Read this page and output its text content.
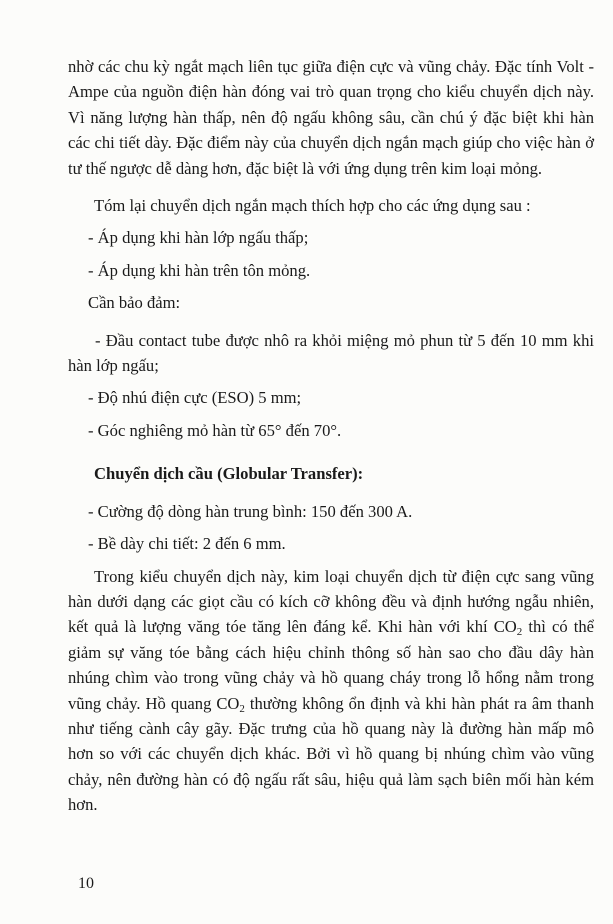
nhờ các chu kỳ ngắt mạch liên tục giữa điện cực và vũng chảy. Đặc tính Volt - Ampe của nguồn điện hàn đóng vai trò quan trọng cho kiểu chuyển dịch này. Vì năng lượng hàn thấp, nên độ ngấu không sâu, cần chú ý đặc biệt khi hàn các chi tiết dày. Đặc điểm này của chuyển dịch ngắn mạch giúp cho việc hàn ở tư thế ngược dễ dàng hơn, đặc biệt là với ứng dụng trên kim loại mỏng.

Tóm lại chuyển dịch ngắn mạch thích hợp cho các ứng dụng sau :

- Áp dụng khi hàn lớp ngấu thấp;

- Áp dụng khi hàn trên tôn mỏng.

Cần bảo đảm:

- Đầu contact tube được nhô ra khỏi miệng mỏ phun từ 5 đến 10 mm khi hàn lớp ngấu;

- Độ nhú điện cực (ESO) 5 mm;

- Góc nghiêng mỏ hàn từ 65° đến 70°.

Chuyển dịch cầu (Globular Transfer):

- Cường độ dòng hàn trung bình: 150 đến 300 A.

- Bề dày chi tiết: 2 đến 6 mm.

Trong kiểu chuyển dịch này, kim loại chuyển dịch từ điện cực sang vũng hàn dưới dạng các giọt cầu có kích cỡ không đều và định hướng ngẫu nhiên, kết quả là lượng văng tóe tăng lên đáng kể. Khi hàn với khí $CO_2$ thì có thể giảm sự văng tóe bằng cách hiệu chỉnh thông số hàn sao cho đầu dây hàn nhúng chìm vào trong vũng chảy và hồ quang cháy trong lỗ hổng nằm trong vũng chảy. Hồ quang $CO_2$ thường không ổn định và khi hàn phát ra âm thanh như tiếng cành cây gãy. Đặc trưng của hồ quang này là đường hàn mấp mô hơn so với các chuyển dịch khác. Bởi vì hồ quang bị nhúng chìm vào vũng chảy, nên đường hàn có độ ngấu rất sâu, hiệu quả làm sạch biên mối hàn kém hơn.

10
